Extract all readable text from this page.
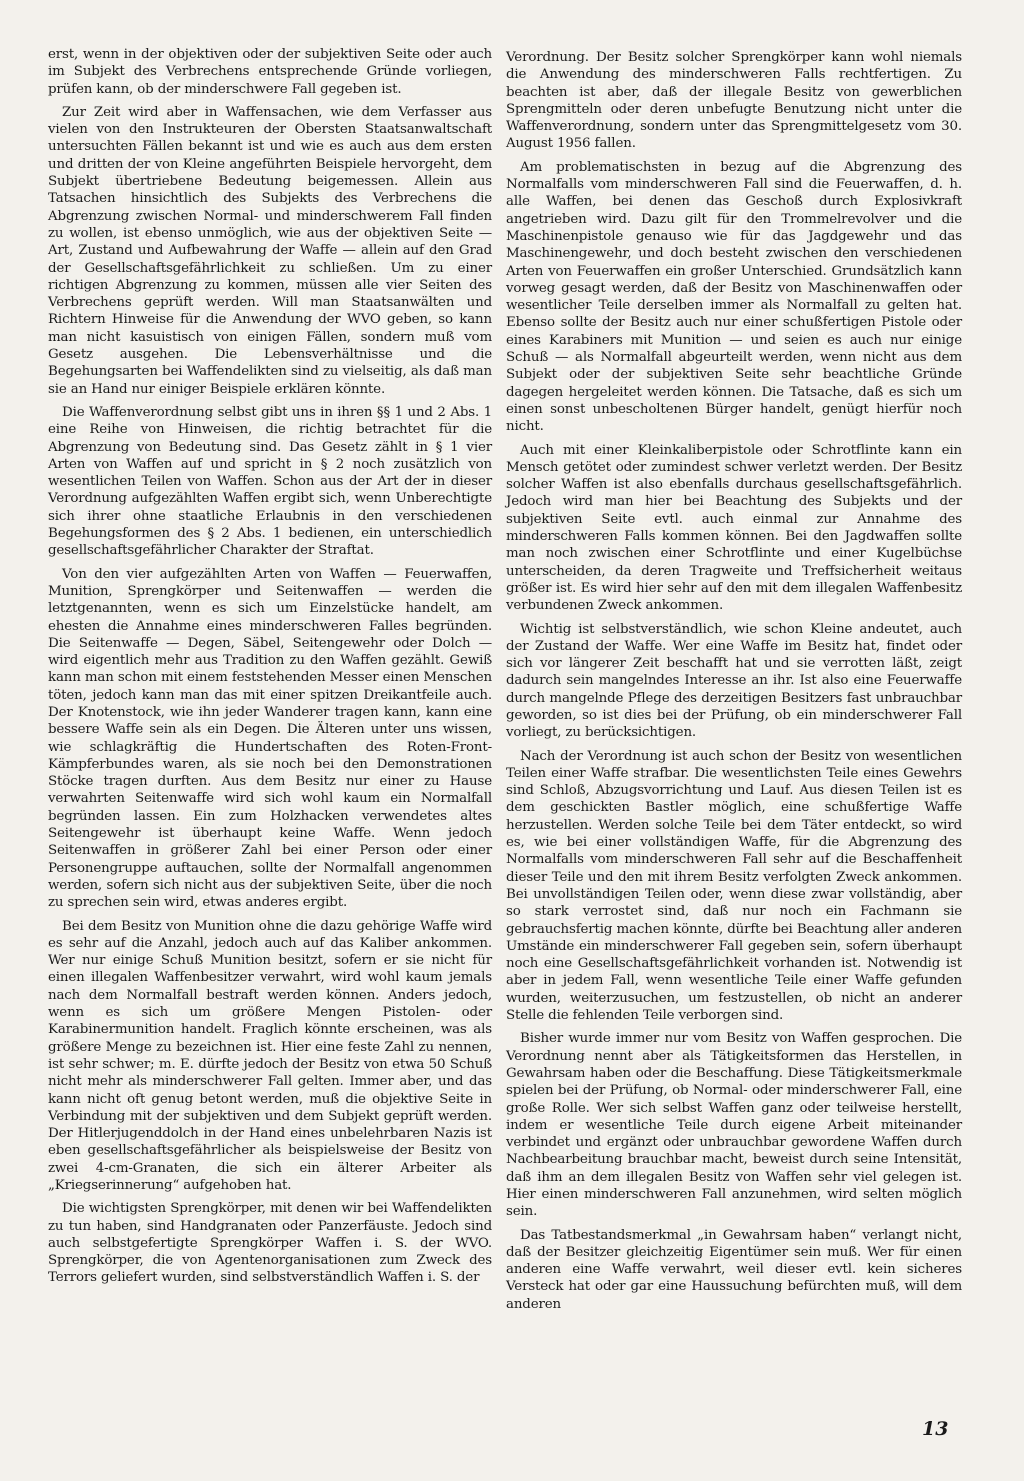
erst, wenn in der objektiven oder der subjektiven Seite oder auch im Subjekt des Verbrechens entsprechende Gründe vorliegen, prüfen kann, ob der minderschwere Fall gegeben ist.

Zur Zeit wird aber in Waffensachen, wie dem Verfasser aus vielen von den Instrukteuren der Obersten Staatsanwaltschaft untersuchten Fällen bekannt ist und wie es auch aus dem ersten und dritten der von Kleine angeführten Beispiele hervorgeht, dem Subjekt übertriebene Bedeutung beigemessen. Allein aus Tatsachen hinsichtlich des Subjekts des Verbrechens die Abgrenzung zwischen Normal- und minderschwerem Fall finden zu wollen, ist ebenso unmöglich, wie aus der objektiven Seite — Art, Zustand und Aufbewahrung der Waffe — allein auf den Grad der Gesellschaftsgefährlichkeit zu schließen. Um zu einer richtigen Abgrenzung zu kommen, müssen alle vier Seiten des Verbrechens geprüft werden. Will man Staatsanwälten und Richtern Hinweise für die Anwendung der WVO geben, so kann man nicht kasuistisch von einigen Fällen, sondern muß vom Gesetz ausgehen. Die Lebensverhältnisse und die Begehungsarten bei Waffendelikten sind zu vielseitig, als daß man sie an Hand nur einiger Beispiele erklären könnte.

Die Waffenverordnung selbst gibt uns in ihren §§ 1 und 2 Abs. 1 eine Reihe von Hinweisen, die richtig betrachtet für die Abgrenzung von Bedeutung sind. Das Gesetz zählt in § 1 vier Arten von Waffen auf und spricht in § 2 noch zusätzlich von wesentlichen Teilen von Waffen. Schon aus der Art der in dieser Verordnung aufgezählten Waffen ergibt sich, wenn Unberechtigte sich ihrer ohne staatliche Erlaubnis in den verschiedenen Begehungsformen des § 2 Abs. 1 bedienen, ein unterschiedlich gesellschaftsgefährlicher Charakter der Straftat.

Von den vier aufgezählten Arten von Waffen — Feuerwaffen, Munition, Sprengkörper und Seitenwaffen — werden die letztgenannten, wenn es sich um Einzelstücke handelt, am ehesten die Annahme eines minderschweren Falles begründen. Die Seitenwaffe — Degen, Säbel, Seitengewehr oder Dolch — wird eigentlich mehr aus Tradition zu den Waffen gezählt. Gewiß kann man schon mit einem feststehenden Messer einen Menschen töten, jedoch kann man das mit einer spitzen Dreikantfeile auch. Der Knotenstock, wie ihn jeder Wanderer tragen kann, kann eine bessere Waffe sein als ein Degen. Die Älteren unter uns wissen, wie schlagkräftig die Hundertschaften des Roten-Front-Kämpferbundes waren, als sie noch bei den Demonstrationen Stöcke tragen durften. Aus dem Besitz nur einer zu Hause verwahrten Seitenwaffe wird sich wohl kaum ein Normalfall begründen lassen. Ein zum Holzhacken verwendetes altes Seitengewehr ist überhaupt keine Waffe. Wenn jedoch Seitenwaffen in größerer Zahl bei einer Person oder einer Personengruppe auftauchen, sollte der Normalfall angenommen werden, sofern sich nicht aus der subjektiven Seite, über die noch zu sprechen sein wird, etwas anderes ergibt.

Bei dem Besitz von Munition ohne die dazu gehörige Waffe wird es sehr auf die Anzahl, jedoch auch auf das Kaliber ankommen. Wer nur einige Schuß Munition besitzt, sofern er sie nicht für einen illegalen Waffenbesitzer verwahrt, wird wohl kaum jemals nach dem Normalfall bestraft werden können. Anders jedoch, wenn es sich um größere Mengen Pistolen- oder Karabinermunition handelt. Fraglich könnte erscheinen, was als größere Menge zu bezeichnen ist. Hier eine feste Zahl zu nennen, ist sehr schwer; m. E. dürfte jedoch der Besitz von etwa 50 Schuß nicht mehr als minderschwerer Fall gelten. Immer aber, und das kann nicht oft genug betont werden, muß die objektive Seite in Verbindung mit der subjektiven und dem Subjekt geprüft werden. Der Hitlerjugenddolch in der Hand eines unbelehrbaren Nazis ist eben gesellschaftsgefährlicher als beispielsweise der Besitz von zwei 4-cm-Granaten, die sich ein älterer Arbeiter als „Kriegserinnerung“ aufgehoben hat.

Die wichtigsten Sprengkörper, mit denen wir bei Waffendelikten zu tun haben, sind Handgranaten oder Panzerfäuste. Jedoch sind auch selbstgefertigte Sprengkörper Waffen i. S. der WVO. Sprengkörper, die von Agentenorganisationen zum Zweck des Terrors geliefert wurden, sind selbstverständlich Waffen i. S. der

Verordnung. Der Besitz solcher Sprengkörper kann wohl niemals die Anwendung des minderschweren Falls rechtfertigen. Zu beachten ist aber, daß der illegale Besitz von gewerblichen Sprengmitteln oder deren unbefugte Benutzung nicht unter die Waffenverordnung, sondern unter das Sprengmittelgesetz vom 30. August 1956 fallen.

Am problematischsten in bezug auf die Abgrenzung des Normalfalls vom minderschweren Fall sind die Feuerwaffen, d. h. alle Waffen, bei denen das Geschoß durch Explosivkraft angetrieben wird. Dazu gilt für den Trommelrevolver und die Maschinenpistole genauso wie für das Jagdgewehr und das Maschinengewehr, und doch besteht zwischen den verschiedenen Arten von Feuerwaffen ein großer Unterschied. Grundsätzlich kann vorweg gesagt werden, daß der Besitz von Maschinenwaffen oder wesentlicher Teile derselben immer als Normalfall zu gelten hat. Ebenso sollte der Besitz auch nur einer schußfertigen Pistole oder eines Karabiners mit Munition — und seien es auch nur einige Schuß — als Normalfall abgeurteilt werden, wenn nicht aus dem Subjekt oder der subjektiven Seite sehr beachtliche Gründe dagegen hergeleitet werden können. Die Tatsache, daß es sich um einen sonst unbescholtenen Bürger handelt, genügt hierfür noch nicht.

Auch mit einer Kleinkaliberpistole oder Schrotflinte kann ein Mensch getötet oder zumindest schwer verletzt werden. Der Besitz solcher Waffen ist also ebenfalls durchaus gesellschaftsgefährlich. Jedoch wird man hier bei Beachtung des Subjekts und der subjektiven Seite evtl. auch einmal zur Annahme des minderschweren Falls kommen können. Bei den Jagdwaffen sollte man noch zwischen einer Schrotflinte und einer Kugelbüchse unterscheiden, da deren Tragweite und Treffsicherheit weitaus größer ist. Es wird hier sehr auf den mit dem illegalen Waffenbesitz verbundenen Zweck ankommen.

Wichtig ist selbstverständlich, wie schon Kleine andeutet, auch der Zustand der Waffe. Wer eine Waffe im Besitz hat, findet oder sich vor längerer Zeit beschafft hat und sie verrotten läßt, zeigt dadurch sein mangelndes Interesse an ihr. Ist also eine Feuerwaffe durch mangelnde Pflege des derzeitigen Besitzers fast unbrauchbar geworden, so ist dies bei der Prüfung, ob ein minderschwerer Fall vorliegt, zu berücksichtigen.

Nach der Verordnung ist auch schon der Besitz von wesentlichen Teilen einer Waffe strafbar. Die wesentlichsten Teile eines Gewehrs sind Schloß, Abzugsvorrichtung und Lauf. Aus diesen Teilen ist es dem geschickten Bastler möglich, eine schußfertige Waffe herzustellen. Werden solche Teile bei dem Täter entdeckt, so wird es, wie bei einer vollständigen Waffe, für die Abgrenzung des Normalfalls vom minderschweren Fall sehr auf die Beschaffenheit dieser Teile und den mit ihrem Besitz verfolgten Zweck ankommen. Bei unvollständigen Teilen oder, wenn diese zwar vollständig, aber so stark verrostet sind, daß nur noch ein Fachmann sie gebrauchsfertig machen könnte, dürfte bei Beachtung aller anderen Umstände ein minderschwerer Fall gegeben sein, sofern überhaupt noch eine Gesellschaftsgefährlichkeit vorhanden ist. Notwendig ist aber in jedem Fall, wenn wesentliche Teile einer Waffe gefunden wurden, weiterzusuchen, um festzustellen, ob nicht an anderer Stelle die fehlenden Teile verborgen sind.

Bisher wurde immer nur vom Besitz von Waffen gesprochen. Die Verordnung nennt aber als Tätigkeitsformen das Herstellen, in Gewahrsam haben oder die Beschaffung. Diese Tätigkeitsmerkmale spielen bei der Prüfung, ob Normal- oder minderschwerer Fall, eine große Rolle. Wer sich selbst Waffen ganz oder teilweise herstellt, indem er wesentliche Teile durch eigene Arbeit miteinander verbindet und ergänzt oder unbrauchbar gewordene Waffen durch Nachbearbeitung brauchbar macht, beweist durch seine Intensität, daß ihm an dem illegalen Besitz von Waffen sehr viel gelegen ist. Hier einen minderschweren Fall anzunehmen, wird selten möglich sein.

Das Tatbestandsmerkmal „in Gewahrsam haben“ verlangt nicht, daß der Besitzer gleichzeitig Eigentümer sein muß. Wer für einen anderen eine Waffe verwahrt, weil dieser evtl. kein sicheres Versteck hat oder gar eine Haussuchung befürchten muß, will dem anderen

13
